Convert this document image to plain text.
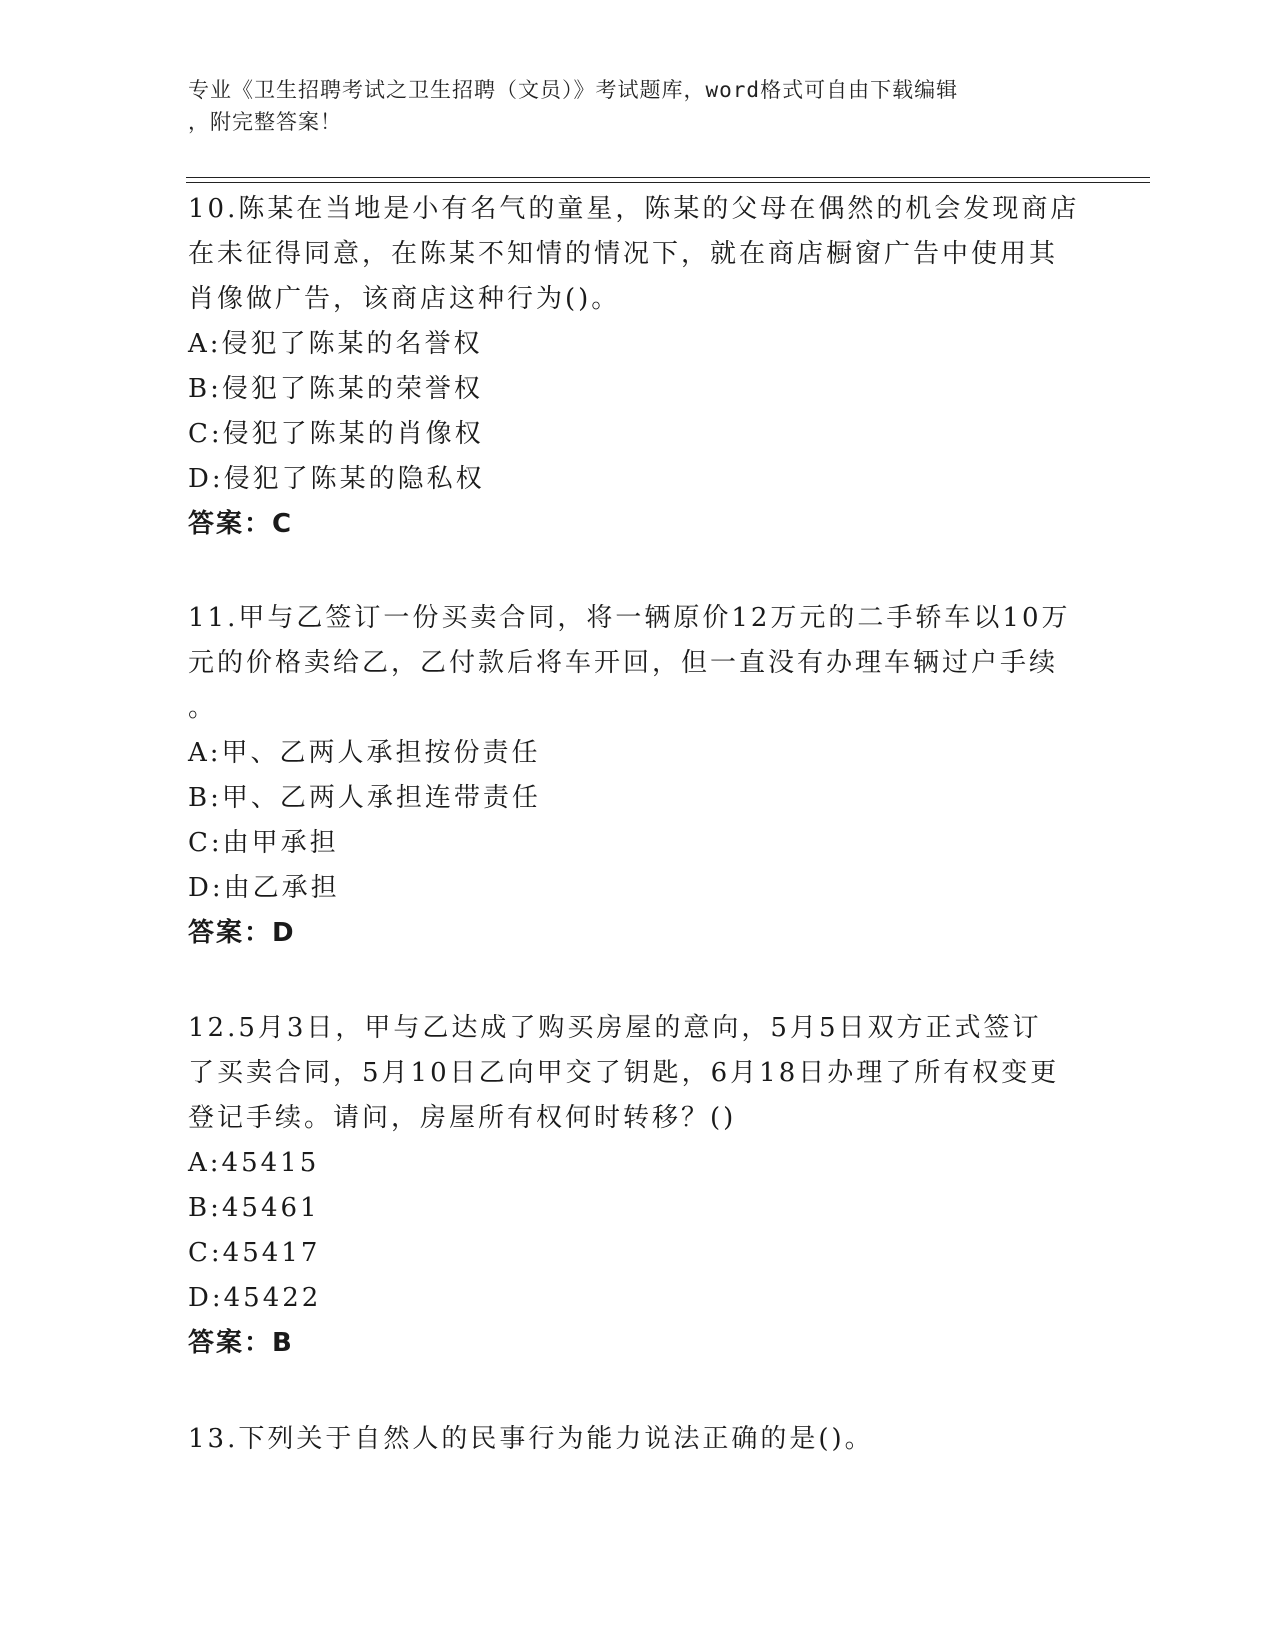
专业《卫生招聘考试之卫生招聘（文员）》考试题库，word格式可自由下载编辑
，附完整答案！
10.陈某在当地是小有名气的童星，陈某的父母在偶然的机会发现商店
在未征得同意，在陈某不知情的情况下，就在商店橱窗广告中使用其
肖像做广告，该商店这种行为()。

A:侵犯了陈某的名誉权

B:侵犯了陈某的荣誉权

C:侵犯了陈某的肖像权

D:侵犯了陈某的隐私权

答案：C

11.甲与乙签订一份买卖合同，将一辆原价12万元的二手轿车以10万
元的价格卖给乙，乙付款后将车开回，但一直没有办理车辆过户手续
。

A:甲、乙两人承担按份责任

B:甲、乙两人承担连带责任

C:由甲承担

D:由乙承担

答案：D

12.5月3日，甲与乙达成了购买房屋的意向，5月5日双方正式签订
了买卖合同，5月10日乙向甲交了钥匙，6月18日办理了所有权变更
登记手续。请问，房屋所有权何时转移？()

A:45415

B:45461

C:45417

D:45422

答案：B

13.下列关于自然人的民事行为能力说法正确的是()。
